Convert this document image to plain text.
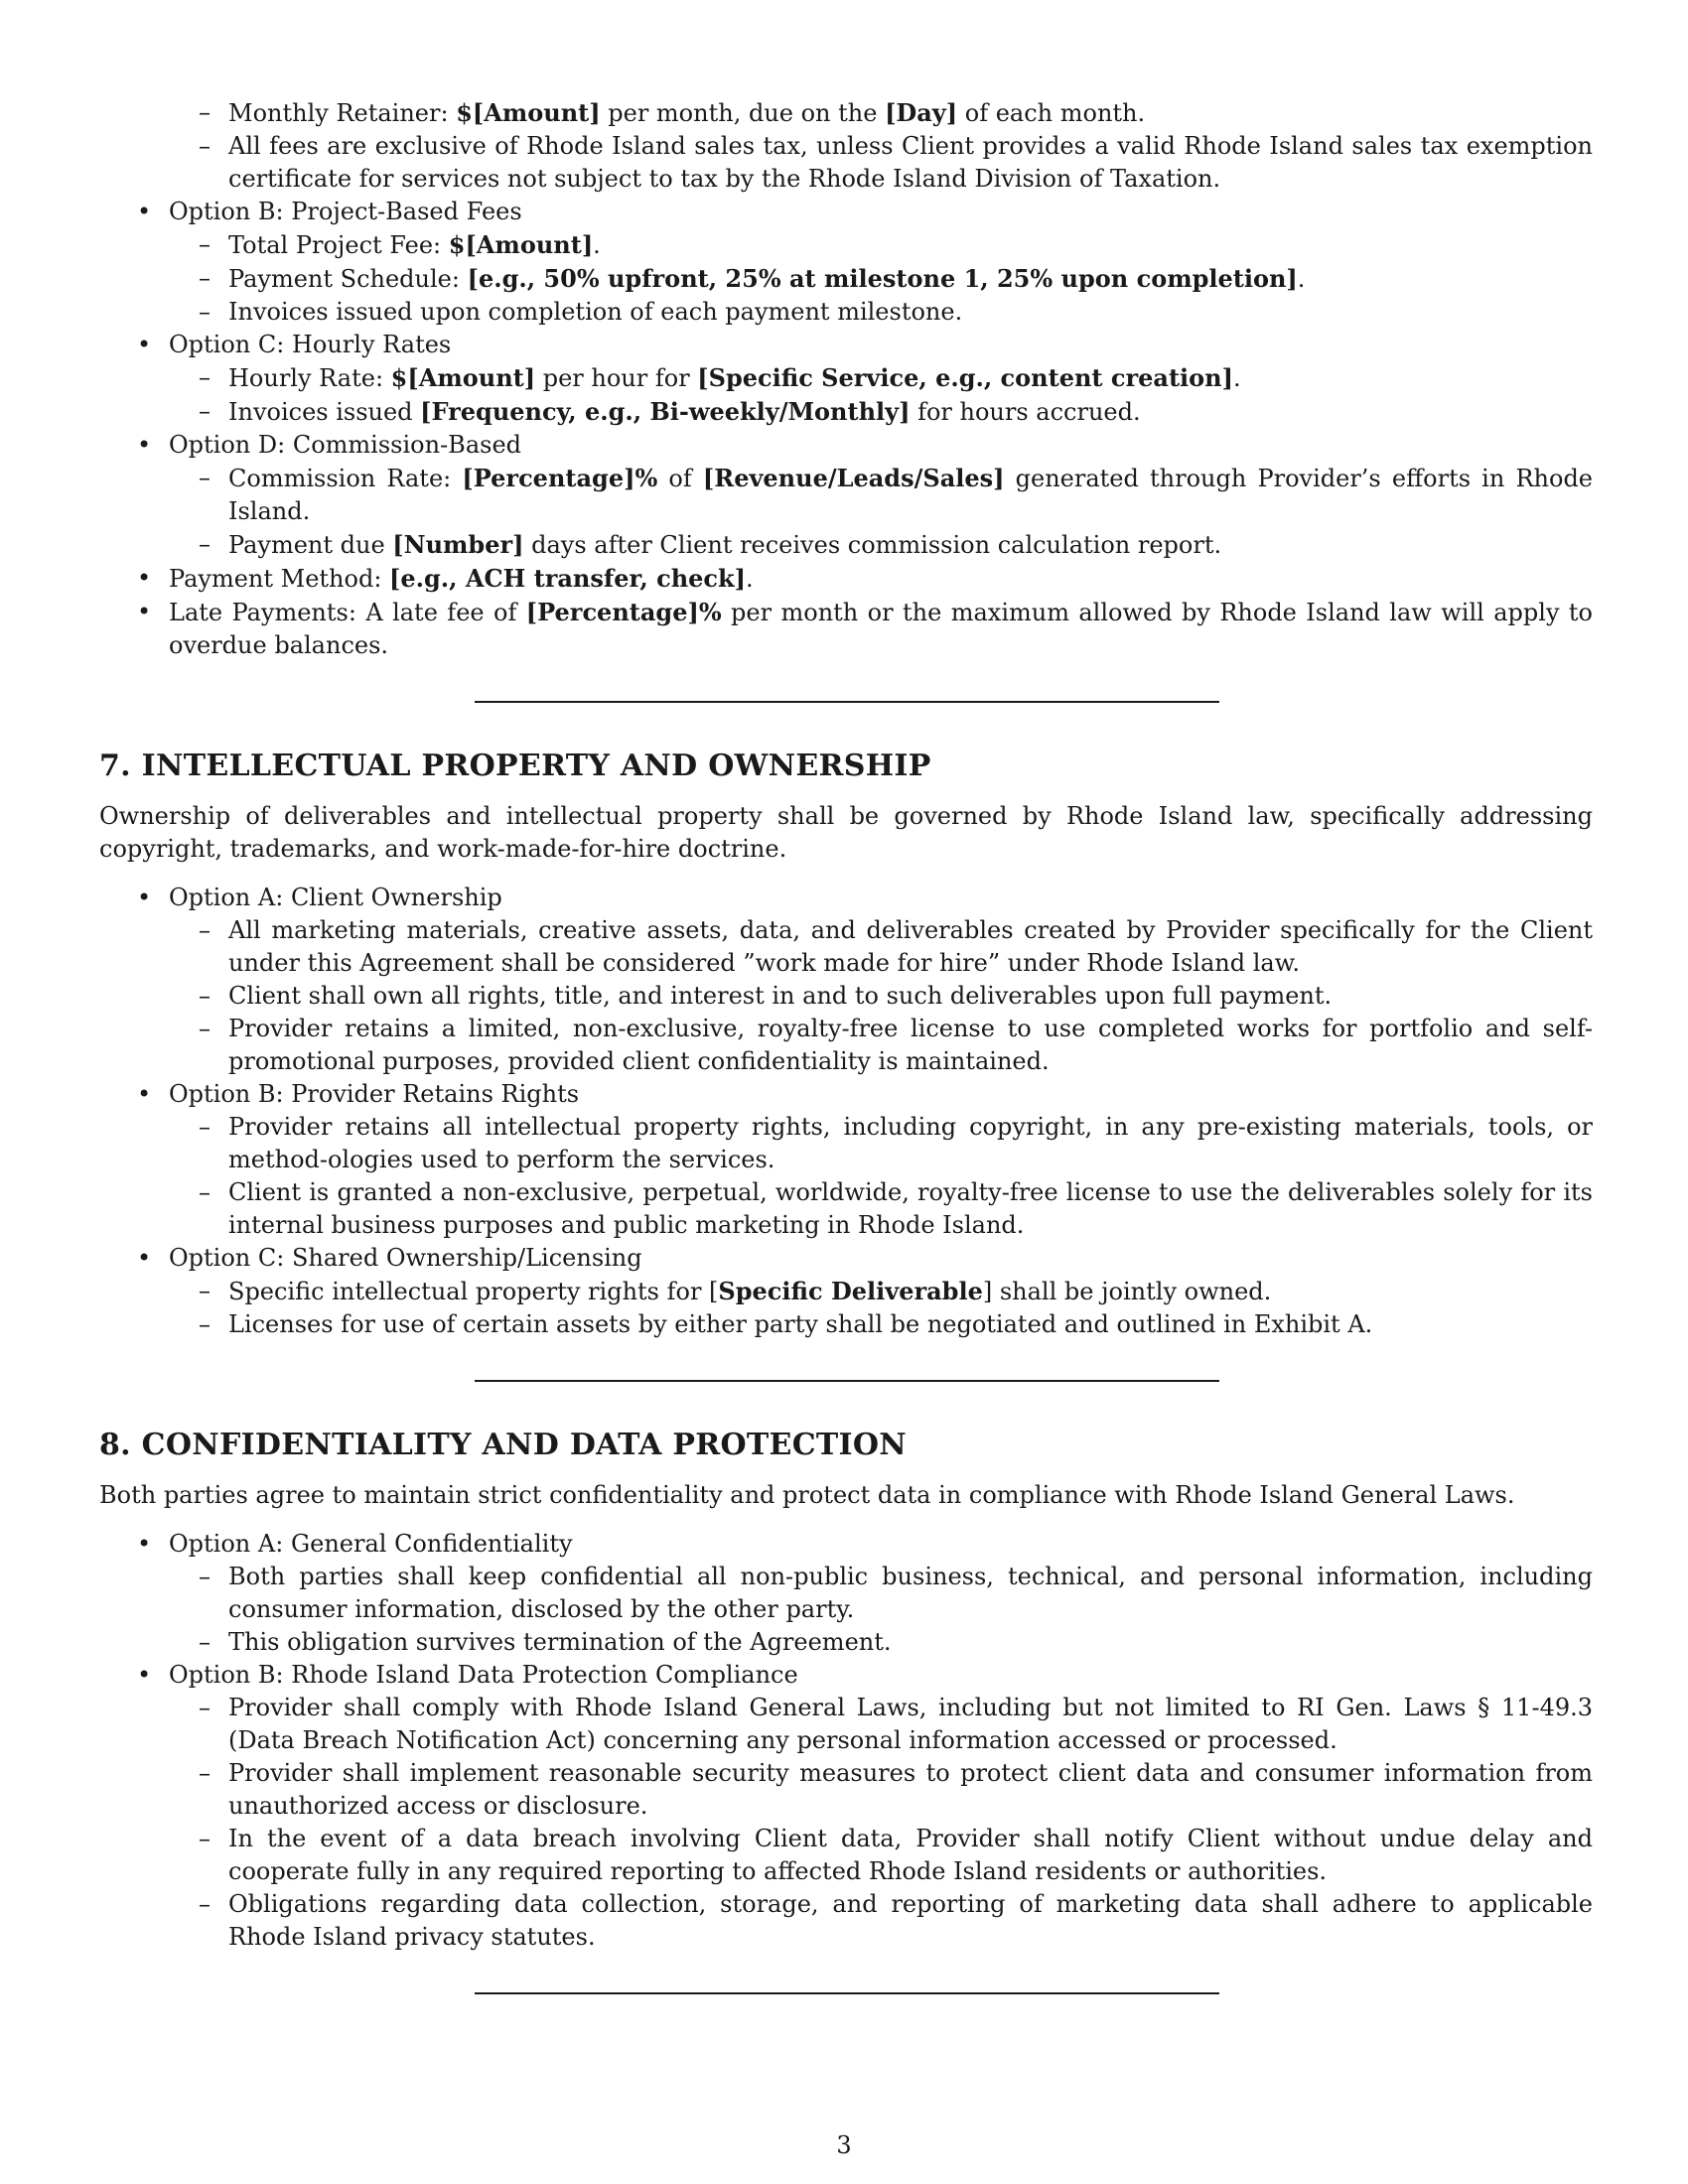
– Monthly Retainer: $[Amount] per month, due on the [Day] of each month.
– All fees are exclusive of Rhode Island sales tax, unless Client provides a valid Rhode Island sales tax exemption certificate for services not subject to tax by the Rhode Island Division of Taxation.
• Option B: Project-Based Fees
– Total Project Fee: $[Amount].
– Payment Schedule: [e.g., 50% upfront, 25% at milestone 1, 25% upon completion].
– Invoices issued upon completion of each payment milestone.
• Option C: Hourly Rates
– Hourly Rate: $[Amount] per hour for [Specific Service, e.g., content creation].
– Invoices issued [Frequency, e.g., Bi-weekly/Monthly] for hours accrued.
• Option D: Commission-Based
– Commission Rate: [Percentage]% of [Revenue/Leads/Sales] generated through Provider’s efforts in Rhode Island.
– Payment due [Number] days after Client receives commission calculation report.
• Payment Method: [e.g., ACH transfer, check].
• Late Payments: A late fee of [Percentage]% per month or the maximum allowed by Rhode Island law will apply to overdue balances.
7. INTELLECTUAL PROPERTY AND OWNERSHIP

Ownership of deliverables and intellectual property shall be governed by Rhode Island law, specifically addressing copyright, trademarks, and work-made-for-hire doctrine.

• Option A: Client Ownership
– All marketing materials, creative assets, data, and deliverables created by Provider specifically for the Client under this Agreement shall be considered ”work made for hire” under Rhode Island law.
– Client shall own all rights, title, and interest in and to such deliverables upon full payment.
– Provider retains a limited, non-exclusive, royalty-free license to use completed works for portfolio and self-promotional purposes, provided client confidentiality is maintained.
• Option B: Provider Retains Rights
– Provider retains all intellectual property rights, including copyright, in any pre-existing materials, tools, or method-ologies used to perform the services.
– Client is granted a non-exclusive, perpetual, worldwide, royalty-free license to use the deliverables solely for its internal business purposes and public marketing in Rhode Island.
• Option C: Shared Ownership/Licensing
– Specific intellectual property rights for [Specific Deliverable] shall be jointly owned.
– Licenses for use of certain assets by either party shall be negotiated and outlined in Exhibit A.
8. CONFIDENTIALITY AND DATA PROTECTION

Both parties agree to maintain strict confidentiality and protect data in compliance with Rhode Island General Laws.

• Option A: General Confidentiality
– Both parties shall keep confidential all non-public business, technical, and personal information, including consumer information, disclosed by the other party.
– This obligation survives termination of the Agreement.
• Option B: Rhode Island Data Protection Compliance
– Provider shall comply with Rhode Island General Laws, including but not limited to RI Gen. Laws § 11-49.3 (Data Breach Notification Act) concerning any personal information accessed or processed.
– Provider shall implement reasonable security measures to protect client data and consumer information from unauthorized access or disclosure.
– In the event of a data breach involving Client data, Provider shall notify Client without undue delay and cooperate fully in any required reporting to affected Rhode Island residents or authorities.
– Obligations regarding data collection, storage, and reporting of marketing data shall adhere to applicable Rhode Island privacy statutes.
3
